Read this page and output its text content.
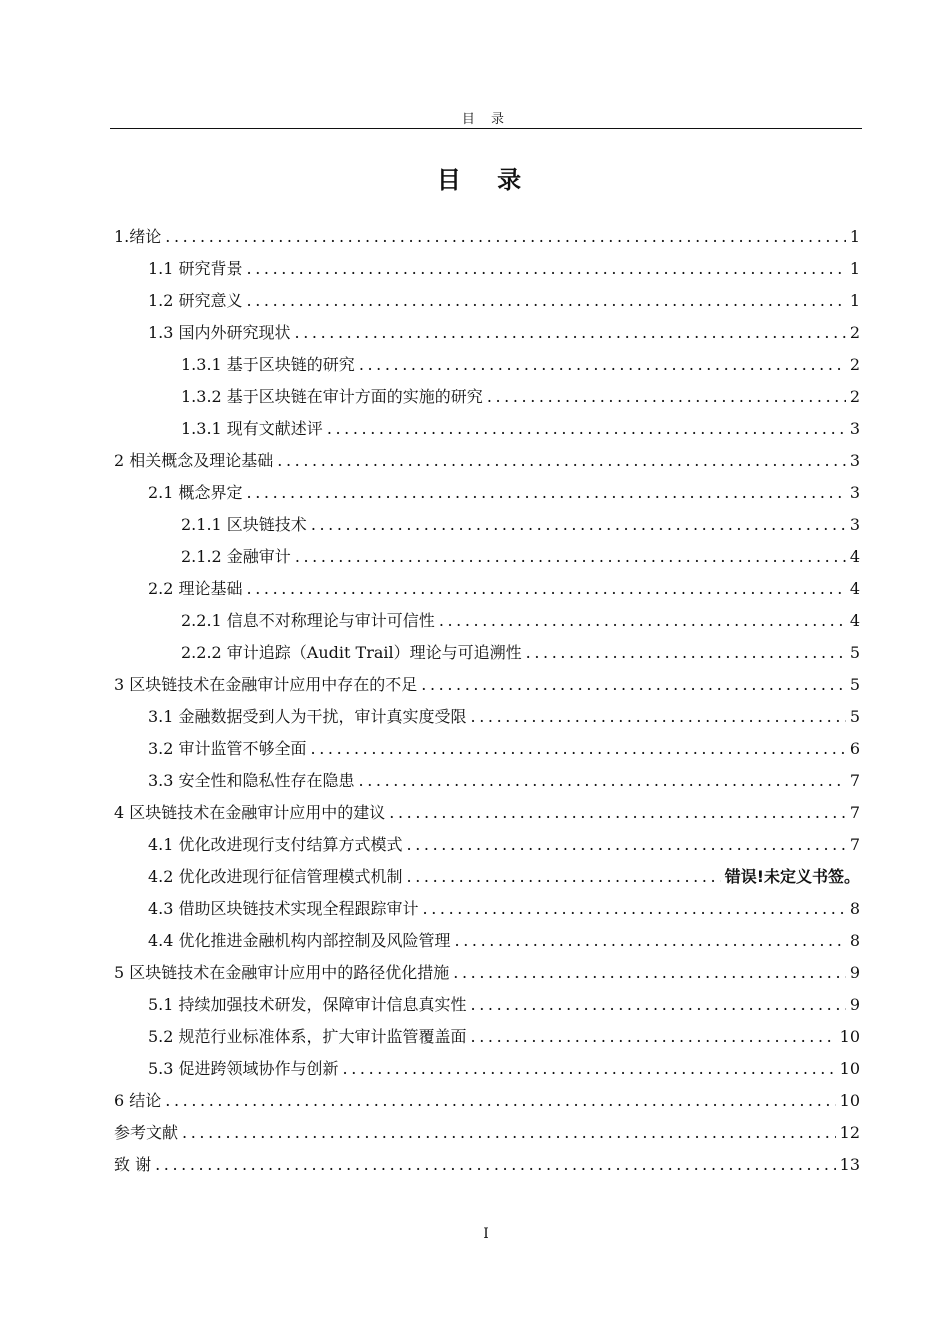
目 录
目 录
1.绪论 .....	1
1.1 研究背景 .....	1
1.2 研究意义 .....	1
1.3 国内外研究现状 .....	2
1.3.1 基于区块链的研究 .....	2
1.3.2 基于区块链在审计方面的实施的研究 .....	2
1.3.1 现有文献述评 .....	3
2 相关概念及理论基础 .....	3
2.1 概念界定 .....	3
2.1.1 区块链技术 .....	3
2.1.2 金融审计 .....	4
2.2 理论基础 .....	4
2.2.1 信息不对称理论与审计可信性 .....	4
2.2.2 审计追踪（Audit Trail）理论与可追溯性 .....	5
3 区块链技术在金融审计应用中存在的不足 .....	5
3.1 金融数据受到人为干扰，审计真实度受限 .....	5
3.2 审计监管不够全面 .....	6
3.3 安全性和隐私性存在隐患 .....	7
4 区块链技术在金融审计应用中的建议 .....	7
4.1 优化改进现行支付结算方式模式 .....	7
4.2 优化改进现行征信管理模式机制 .....	错误!未定义书签。
4.3 借助区块链技术实现全程跟踪审计 .....	8
4.4 优化推进金融机构内部控制及风险管理 .....	8
5 区块链技术在金融审计应用中的路径优化措施 .....	9
5.1 持续加强技术研发，保障审计信息真实性 .....	9
5.2 规范行业标准体系，扩大审计监管覆盖面 .....	10
5.3 促进跨领域协作与创新 .....	10
6 结论 .....	10
参考文献 .....	12
致 谢 .....	13
I
